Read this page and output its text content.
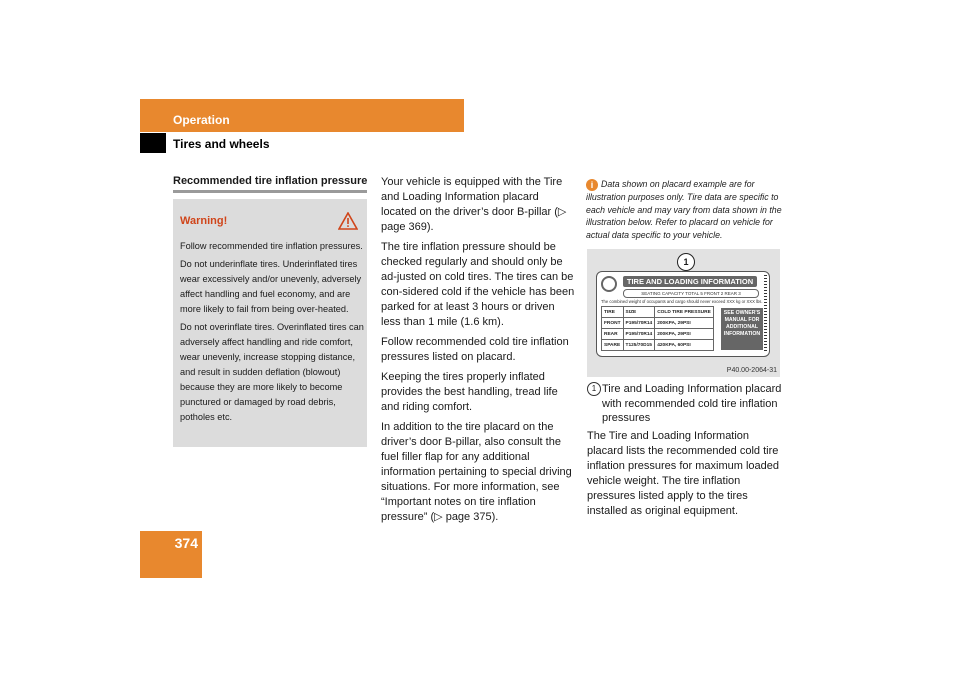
Operation
Tires and wheels
Recommended tire inflation pressure
Warning!

Follow recommended tire inflation pressures.

Do not underinflate tires. Underinflated tires wear excessively and/or unevenly, adversely affect handling and fuel economy, and are more likely to fail from being over-heated.

Do not overinflate tires. Overinflated tires can adversely affect handling and ride comfort, wear unevenly, increase stopping distance, and result in sudden deflation (blowout) because they are more likely to become punctured or damaged by road debris, potholes etc.

Your vehicle is equipped with the Tire and Loading Information placard located on the driver’s door B-pillar (▷ page 369).

The tire inflation pressure should be checked regularly and should only be ad-justed on cold tires. The tires can be con-sidered cold if the vehicle has been parked for at least 3 hours or driven less than 1 mile (1.6 km).

Follow recommended cold tire inflation pressures listed on placard.

Keeping the tires properly inflated provides the best handling, tread life and riding comfort.

In addition to the tire placard on the driver’s door B-pillar, also consult the fuel filler flap for any additional information pertaining to special driving situations. For more information, see “Important notes on tire inflation pressure” (▷ page 375).

i Data shown on placard example are for illustration purposes only. Tire data are specific to each vehicle and may vary from data shown in the illustration below. Refer to placard on vehicle for actual data specific to your vehicle.
1
TIRE AND LOADING INFORMATION
SEATING CAPACITY TOTAL 5 FRONT 2 REAR 3
The combined weight of occupants and cargo should never exceed XXX kg or XXX lbs.
TIRE	SIZE	COLD TIRE PRESSURE
FRONT	P195/70R14	200KPA, 29PSI
REAR	P195/70R14	200KPA, 29PSI
SPARE	T125/70D15	420KPA, 60PSI
SEE OWNER'S MANUAL FOR ADDITIONAL INFORMATION
P40.00-2064-31
1 Tire and Loading Information placard with recommended cold tire inflation pressures

The Tire and Loading Information placard lists the recommended cold tire inflation pressures for maximum loaded vehicle weight. The tire inflation pressures listed apply to the tires installed as original equipment.

374
